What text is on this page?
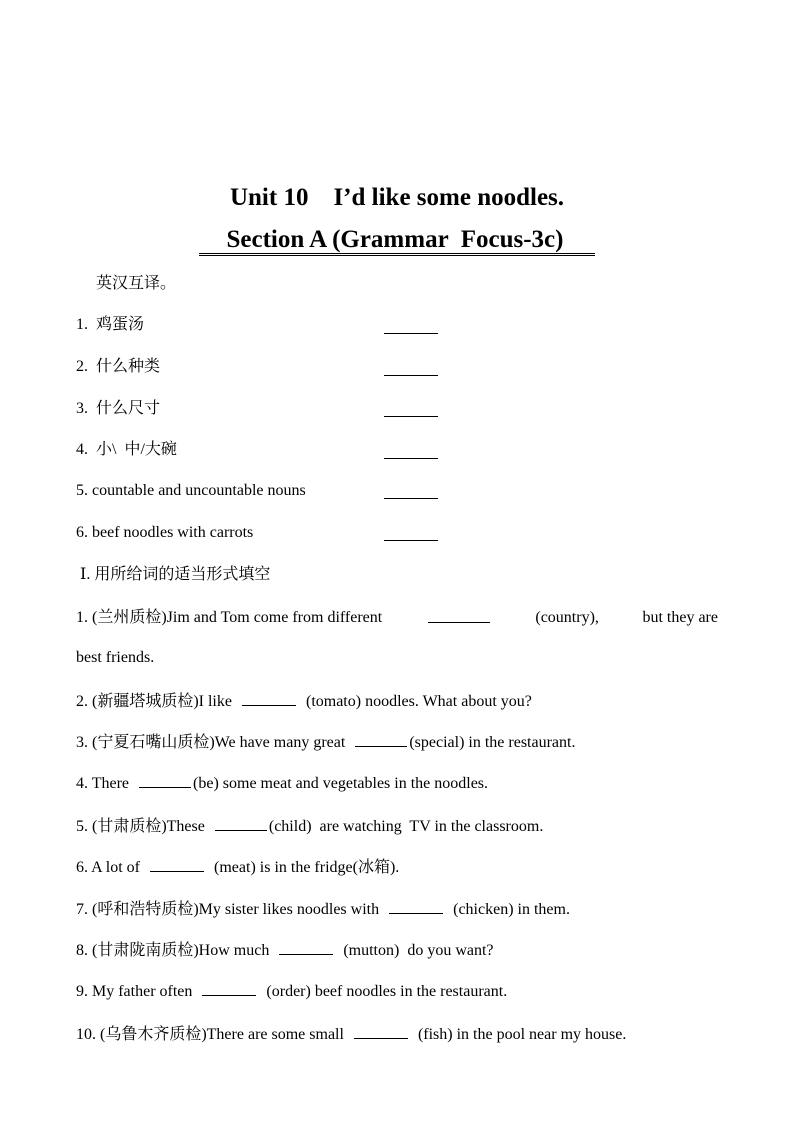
Unit 10    I’d like some noodles.
Section A (Grammar  Focus-3c)
英汉互译。
1.  鸡蛋汤
2.  什么种类
3.  什么尺寸
4.  小\  中/大碗
5. countable and uncountable nouns
6. beef noodles with carrots
Ⅰ. 用所给词的适当形式填空
1. (兰州质检)Jim and Tom come from different	(country),	but they are
best friends.
2. (新疆塔城质检)I like	(tomato) noodles. What about you?
3. (宁夏石嘴山质检)We have many great	(special) in the restaurant.
4. There	(be) some meat and vegetables in the noodles.
5. (甘肃质检)These	(child)  are watching  TV in the classroom.
6. A lot of	(meat) is in the fridge(冰箱).
7. (呼和浩特质检)My sister likes noodles with	(chicken) in them.
8. (甘肃陇南质检)How much	(mutton)  do you want?
9. My father often	(order) beef noodles in the restaurant.
10. (乌鲁木齐质检)There are some small	(fish) in the pool near my house.
